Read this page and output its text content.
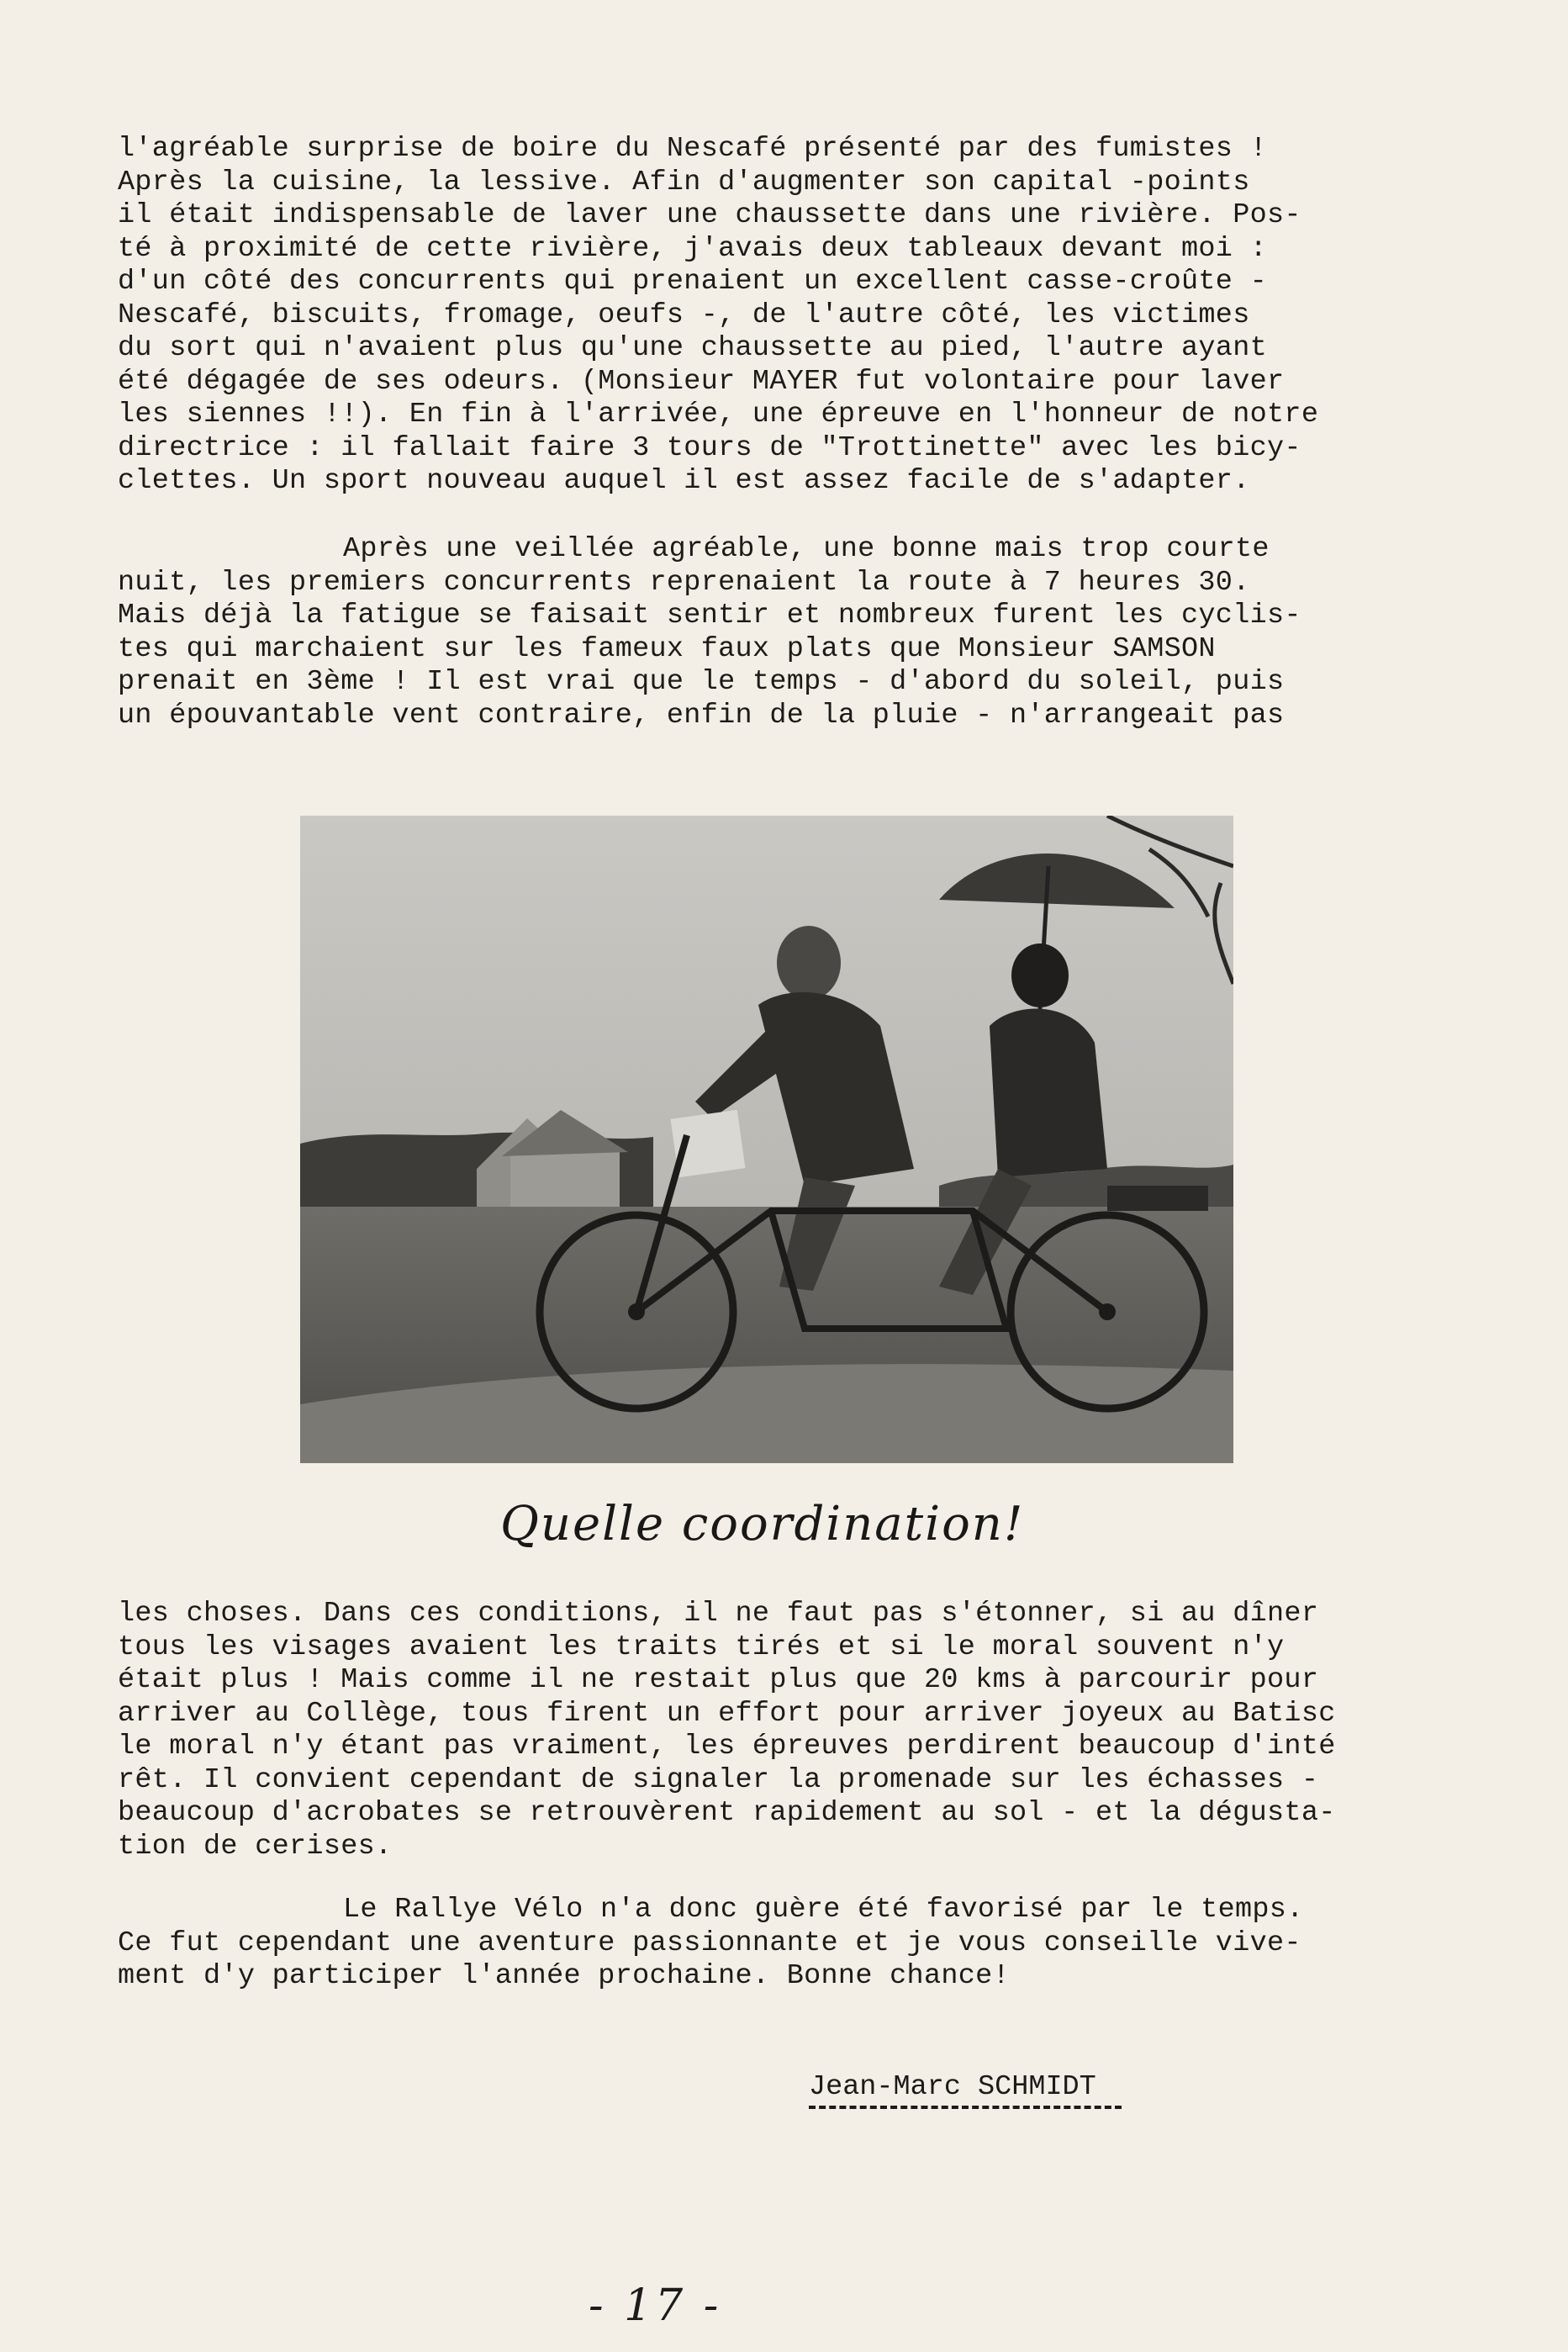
l'agréable surprise de boire du Nescafé présenté par des fumistes !
Après la cuisine, la lessive. Afin d'augmenter son capital -points
il était indispensable de laver une chaussette dans une rivière. Pos-
té à proximité de cette rivière, j'avais deux tableaux devant moi :
d'un côté des concurrents qui prenaient un excellent casse-croûte -
Nescafé, biscuits, fromage, oeufs -, de l'autre côté, les victimes
du sort qui n'avaient plus qu'une chaussette au pied, l'autre ayant
été dégagée de ses odeurs. (Monsieur MAYER fut volontaire pour laver
les siennes !!). En fin à l'arrivée, une épreuve en l'honneur de notre
directrice : il fallait faire 3 tours de "Trottinette" avec les bicy-
clettes. Un sport nouveau auquel il est assez facile de s'adapter.
Après une veillée agréable, une bonne mais trop courte
nuit, les premiers concurrents reprenaient la route à 7 heures 30.
Mais déjà la fatigue se faisait sentir et nombreux furent les cyclis-
tes qui marchaient sur les fameux faux plats que Monsieur SAMSON
prenait en 3ème ! Il est vrai que le temps - d'abord du soleil, puis
un épouvantable vent contraire, enfin de la pluie - n'arrangeait pas
Quelle coordination!
les choses. Dans ces conditions, il ne faut pas s'étonner, si au dîner
tous les visages avaient les traits tirés et si le moral souvent n'y
était plus ! Mais comme il ne restait plus que 20 kms à parcourir pour
arriver au Collège, tous firent un effort pour arriver joyeux au Batisc
le moral n'y étant pas vraiment, les épreuves perdirent beaucoup d'inté
rêt. Il convient cependant de signaler la promenade sur les échasses -
beaucoup d'acrobates se retrouvèrent rapidement au sol - et la dégusta-
tion de cerises.
Le Rallye Vélo n'a donc guère été favorisé par le temps.
Ce fut cependant une aventure passionnante et je vous conseille vive-
ment d'y participer l'année prochaine. Bonne chance!
Jean-Marc SCHMIDT
- 17 -
